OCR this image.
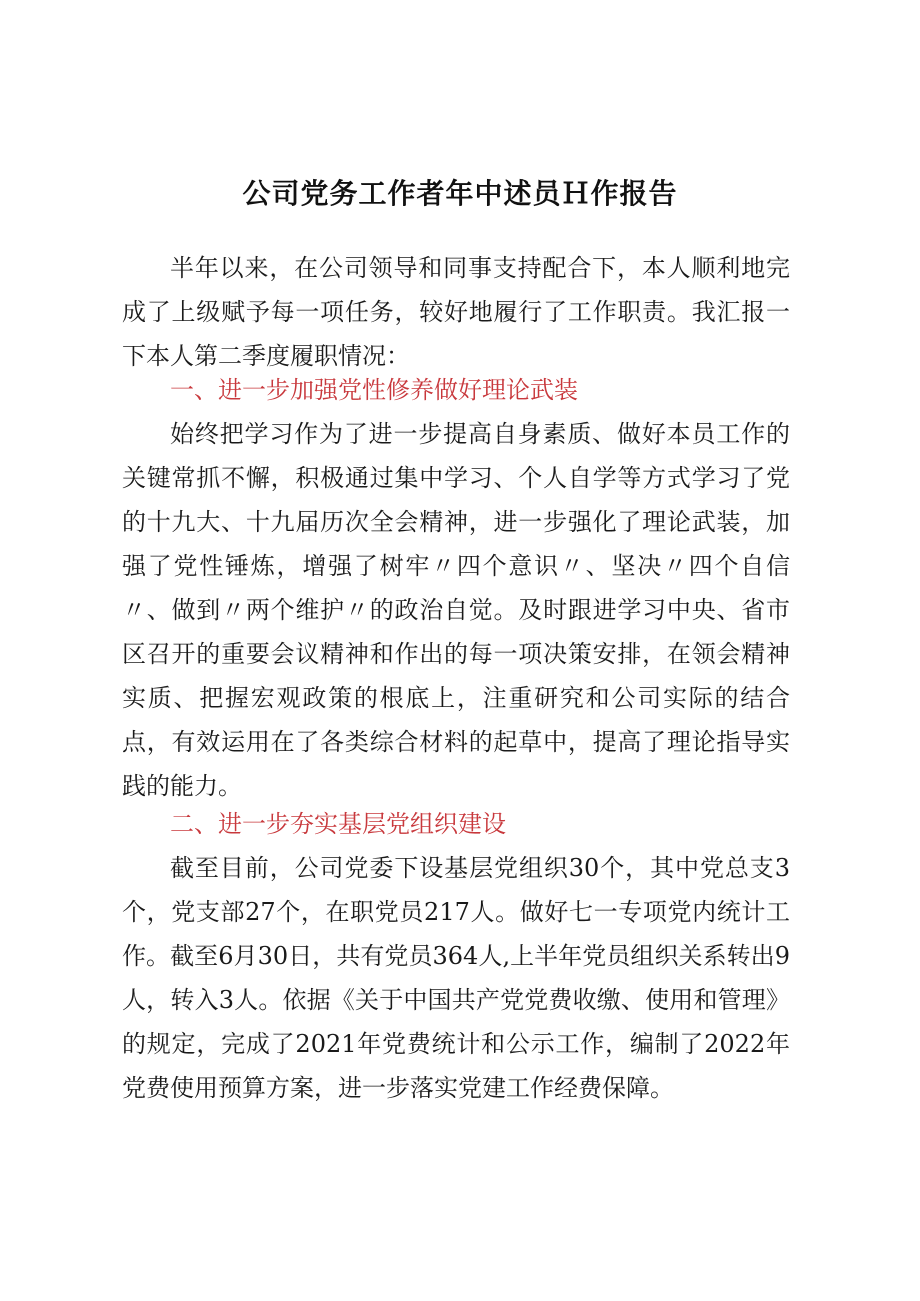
公司党务工作者年中述员Ｈ作报告

半年以来，在公司领导和同事支持配合下，本人顺利地完成了上级赋予每一项任务，较好地履行了工作职责。我汇报一下本人第二季度履职情况：

一、进一步加强党性修养做好理论武装

始终把学习作为了进一步提高自身素质、做好本员工作的关键常抓不懈，积极通过集中学习、个人自学等方式学习了党的十九大、十九届历次全会精神，进一步强化了理论武装，加强了党性锤炼，增强了树牢〃四个意识〃、坚决〃四个自信〃、做到〃两个维护〃的政治自觉。及时跟进学习中央、省市区召开的重要会议精神和作出的每一项决策安排，在领会精神实质、把握宏观政策的根底上，注重研究和公司实际的结合点，有效运用在了各类综合材料的起草中，提高了理论指导实践的能力。

二、进一步夯实基层党组织建设

截至目前，公司党委下设基层党组织30个，其中党总支3个，党支部27个，在职党员217人。做好七一专项党内统计工作。截至6月30日，共有党员364人,上半年党员组织关系转出9人，转入3人。依据《关于中国共产党党费收缴、使用和管理》的规定，完成了2021年党费统计和公示工作，编制了2022年党费使用预算方案，进一步落实党建工作经费保障。
